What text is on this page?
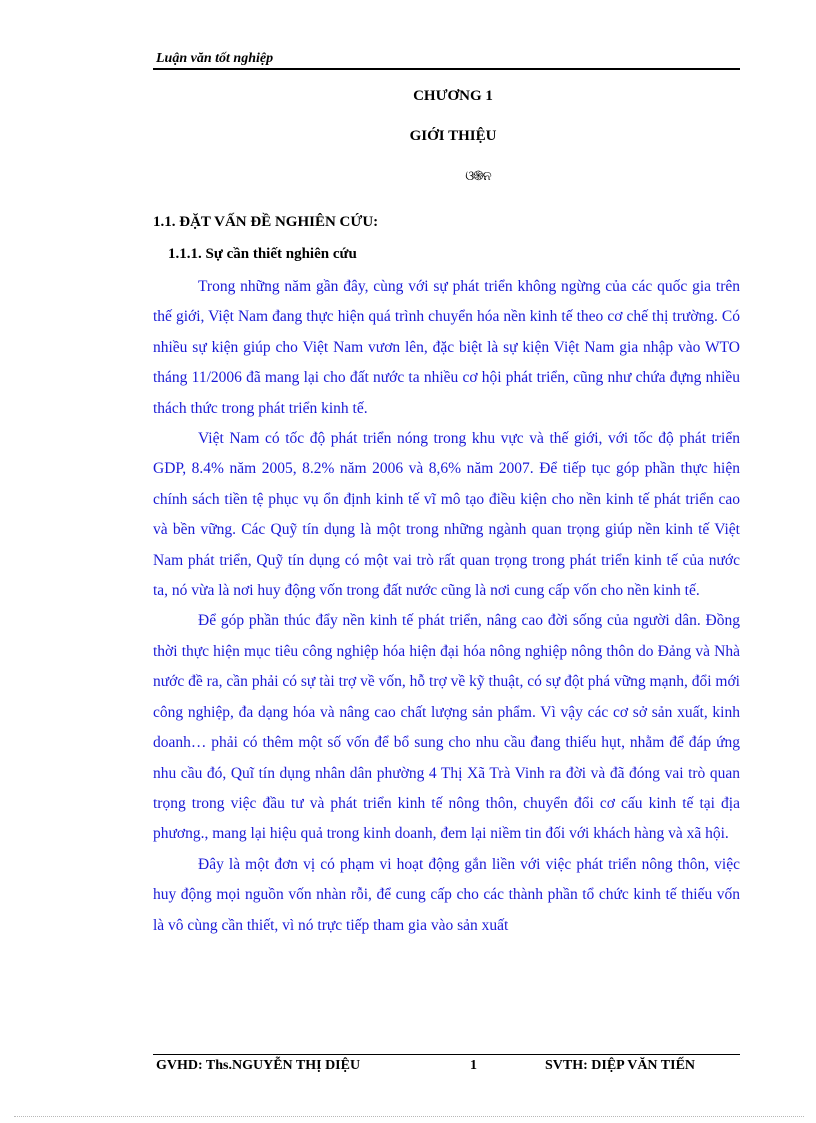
Luận văn tốt nghiệp
CHƯƠNG 1
GIỚI THIỆU
ଓ֍ନ
1.1. ĐẶT VẤN ĐỀ NGHIÊN CỨU:
1.1.1. Sự cần thiết nghiên cứu

Trong những năm gần đây, cùng với sự phát triển không ngừng của các quốc gia trên thế giới, Việt Nam đang thực hiện quá trình chuyển hóa nền kinh tế theo cơ chế thị trường. Có nhiều sự kiện giúp cho Việt Nam vươn lên, đặc biệt là sự kiện Việt Nam gia nhập vào WTO tháng 11/2006 đã mang lại cho đất nước ta nhiều cơ hội phát triển, cũng như chứa đựng nhiều thách thức trong phát triển kinh tế.

Việt Nam có tốc độ phát triển nóng trong khu vực và thế giới, với tốc độ phát triển GDP, 8.4% năm 2005, 8.2% năm 2006 và 8,6% năm 2007. Để tiếp tục góp phần thực hiện chính sách tiền tệ phục vụ ổn định kinh tế vĩ mô tạo điều kiện cho nền kinh tế phát triển cao và bền vững. Các Quỹ tín dụng là một trong những ngành quan trọng giúp nền kinh tế Việt Nam phát triển, Quỹ tín dụng có một vai trò rất quan trọng trong phát triển kinh tế của nước ta, nó vừa là nơi huy động vốn trong đất nước cũng là nơi cung cấp vốn cho nền kinh tế.

Để góp phần thúc đẩy nền kinh tế phát triển, nâng cao đời sống của người dân. Đồng thời thực hiện mục tiêu công nghiệp hóa hiện đại hóa nông nghiệp nông thôn do Đảng và Nhà nước đề ra, cần phải có sự tài trợ về vốn, hỗ trợ về kỹ thuật, có sự đột phá vững mạnh, đổi mới công nghiệp, đa dạng hóa và nâng cao chất lượng sản phẩm. Vì vậy các cơ sở sản xuất, kinh doanh… phải có thêm một số vốn để bổ sung cho nhu cầu đang thiếu hụt, nhằm để đáp ứng nhu cầu đó, Quĩ tín dụng nhân dân phường 4 Thị Xã Trà Vinh ra đời và đã đóng vai trò quan trọng trong việc đầu tư và phát triển kinh tế nông thôn, chuyển đổi cơ cấu kinh tế tại địa phương., mang lại hiệu quả trong kinh doanh, đem lại niềm tin đối với khách hàng và xã hội.

Đây là một đơn vị có phạm vi hoạt động gắn liền với việc phát triển nông thôn, việc huy động mọi nguồn vốn nhàn rỗi, để cung cấp cho các thành phần tổ chức kinh tế thiếu vốn là vô cùng cần thiết, vì nó trực tiếp tham gia vào sản xuất

GVHD: Ths.NGUYỄN THỊ DIỆU	1	SVTH: DIỆP VĂN TIẾN
